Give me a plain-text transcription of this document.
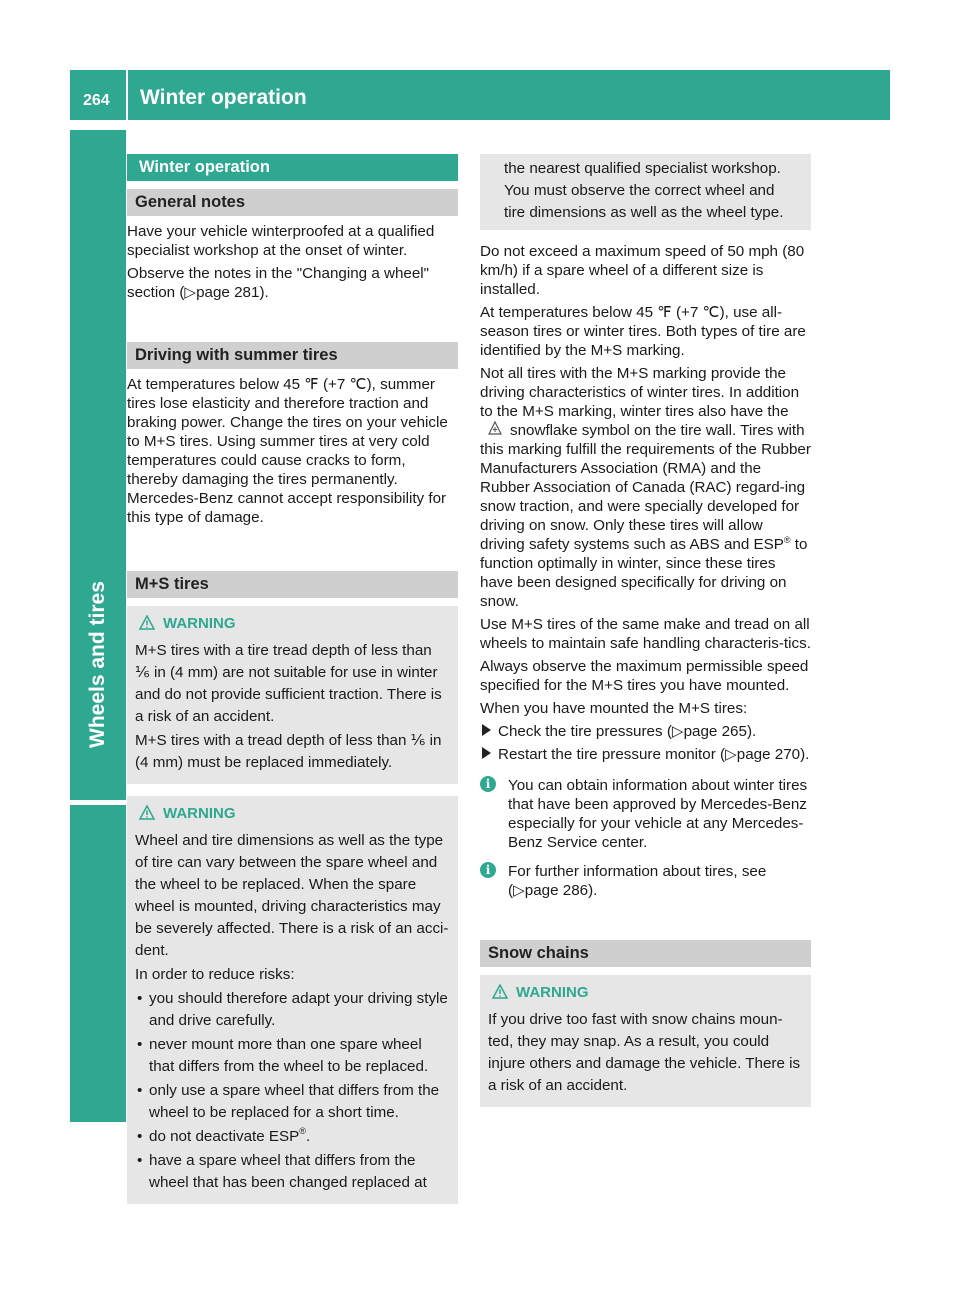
264 Winter operation
Wheels and tires
Winter operation
General notes

Have your vehicle winterproofed at a qualified specialist workshop at the onset of winter.

Observe the notes in the "Changing a wheel" section (▷page 281).

Driving with summer tires

At temperatures below 45 ℉ (+7 ℃), summer tires lose elasticity and therefore traction and braking power. Change the tires on your vehicle to M+S tires. Using summer tires at very cold temperatures could cause cracks to form, thereby damaging the tires permanently. Mercedes-Benz cannot accept responsibility for this type of damage.

M+S tires
WARNING

M+S tires with a tire tread depth of less than ⅙ in (4 mm) are not suitable for use in winter and do not provide sufficient traction. There is a risk of an accident.

M+S tires with a tread depth of less than ⅙ in (4 mm) must be replaced immediately.

WARNING

Wheel and tire dimensions as well as the type of tire can vary between the spare wheel and the wheel to be replaced. When the spare wheel is mounted, driving characteristics may be severely affected. There is a risk of an acci-dent.

In order to reduce risks:

• you should therefore adapt your driving style and drive carefully.
• never mount more than one spare wheel that differs from the wheel to be replaced.
• only use a spare wheel that differs from the wheel to be replaced for a short time.
• do not deactivate ESP®.
• have a spare wheel that differs from the wheel that has been changed replaced at

the nearest qualified specialist workshop. You must observe the correct wheel and tire dimensions as well as the wheel type.

Do not exceed a maximum speed of 50 mph (80 km/h) if a spare wheel of a different size is installed.

At temperatures below 45 ℉ (+7 ℃), use all-season tires or winter tires. Both types of tire are identified by the M+S marking.

Not all tires with the M+S marking provide the driving characteristics of winter tires. In addition to the M+S marking, winter tires also have the snowflake symbol on the tire wall. Tires with this marking fulfill the requirements of the Rubber Manufacturers Association (RMA) and the Rubber Association of Canada (RAC) regard-ing snow traction, and were specially developed for driving on snow. Only these tires will allow driving safety systems such as ABS and ESP® to function optimally in winter, since these tires have been designed specifically for driving on snow.

Use M+S tires of the same make and tread on all wheels to maintain safe handling characteris-tics.

Always observe the maximum permissible speed specified for the M+S tires you have mounted.

When you have mounted the M+S tires:

Check the tire pressures (▷page 265).

Restart the tire pressure monitor (▷page 270).

i	You can obtain information about winter tires that have been approved by Mercedes-Benz especially for your vehicle at any Mercedes-Benz Service center.

i	For further information about tires, see (▷page 286).

Snow chains
WARNING

If you drive too fast with snow chains moun-ted, they may snap. As a result, you could injure others and damage the vehicle. There is a risk of an accident.
